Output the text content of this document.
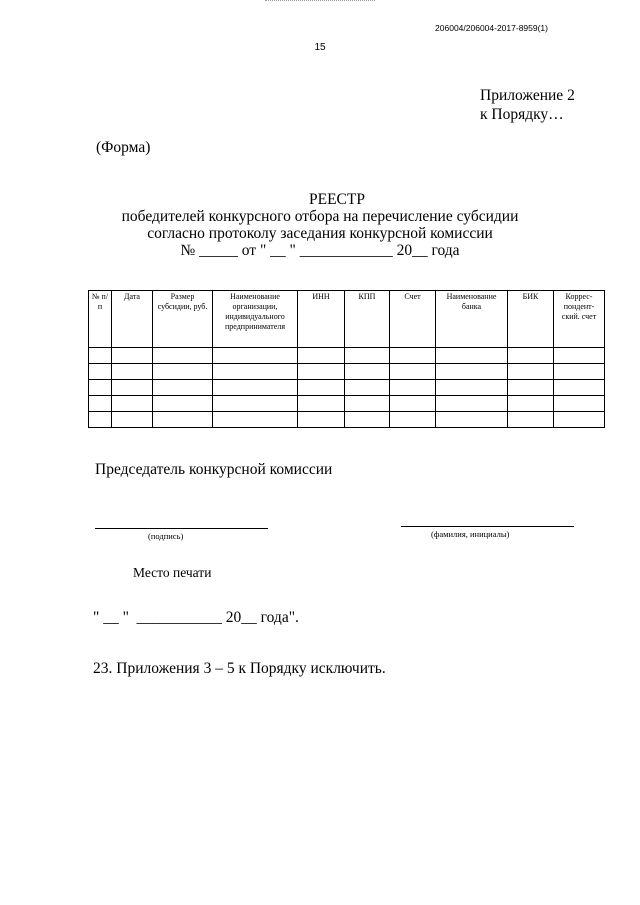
206004/206004-2017-8959(1)
15
Приложение 2
к Порядку…
(Форма)
РЕЕСТР
победителей конкурсного отбора на перечисление субсидии
согласно протоколу заседания конкурсной комиссии
№ _____ от " __ " ____________ 20__ года
№ п/п	Дата	Размер субсидии, руб.	Наименование организации, индивидуального предпринимателя	ИНН	КПП	Счет	Наименование банка	БИК	Коррес-пондент-ский. счет

Председатель конкурсной комиссии
(подпись)	(фамилия, инициалы)
Место печати
" __ "  ___________ 20__ года".
23. Приложения 3 – 5 к Порядку исключить.
